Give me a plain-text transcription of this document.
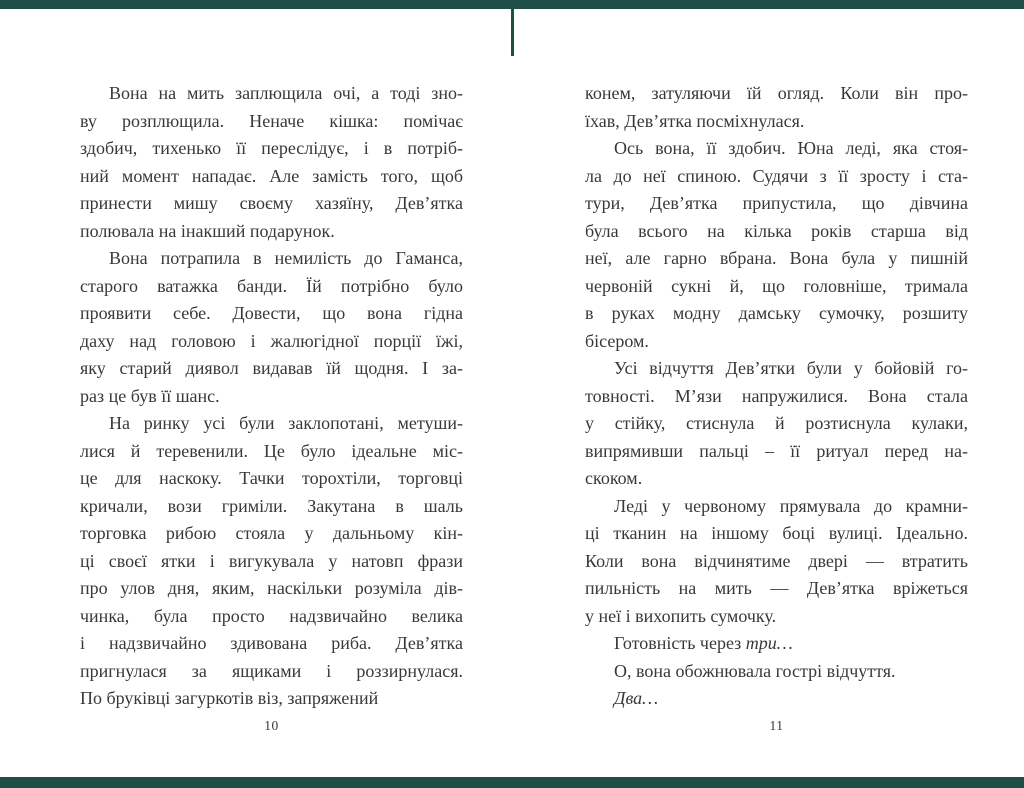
Вона на мить заплющила очі, а тоді зно-
ву розплющила. Неначе кішка: помічає
здобич, тихенько її переслідує, і в потріб-
ний момент нападає. Але замість того, щоб
принести мишу своєму хазяїну, Дев’ятка
полювала на інакший подарунок.
Вона потрапила в немилість до Гаманса,
старого ватажка банди. Їй потрібно було
проявити себе. Довести, що вона гідна
даху над головою і жалюгідної порції їжі,
яку старий диявол видавав їй щодня. І за-
раз це був її шанс.
На ринку усі були заклопотані, метуши-
лися й теревенили. Це було ідеальне міс-
це для наскоку. Тачки торохтіли, торговці
кричали, вози гриміли. Закутана в шаль
торговка рибою стояла у дальньому кін-
ці своєї ятки і вигукувала у натовп фрази
про улов дня, яким, наскільки розуміла дів-
чинка, була просто надзвичайно велика
і надзвичайно здивована риба. Дев’ятка
пригнулася за ящиками і роззирнулася.
По бруківці загуркотів віз, запряжений
10
конем, затуляючи їй огляд. Коли він про-
їхав, Дев’ятка посміхнулася.
Ось вона, її здобич. Юна леді, яка стоя-
ла до неї спиною. Судячи з її зросту і ста-
тури, Дев’ятка припустила, що дівчина
була всього на кілька років старша від
неї, але гарно вбрана. Вона була у пишній
червоній сукні й, що головніше, тримала
в руках модну дамську сумочку, розшиту
бісером.
Усі відчуття Дев’ятки були у бойовій го-
товності. М’язи напружилися. Вона стала
у стійку, стиснула й розтиснула кулаки,
випрямивши пальці – її ритуал перед на-
скоком.
Леді у червоному прямувала до крамни-
ці тканин на іншому боці вулиці. Ідеально.
Коли вона відчинятиме двері — втратить
пильність на мить — Дев’ятка вріжеться
у неї і вихопить сумочку.
Готовність через три…
О, вона обожнювала гострі відчуття.
Два…
11
